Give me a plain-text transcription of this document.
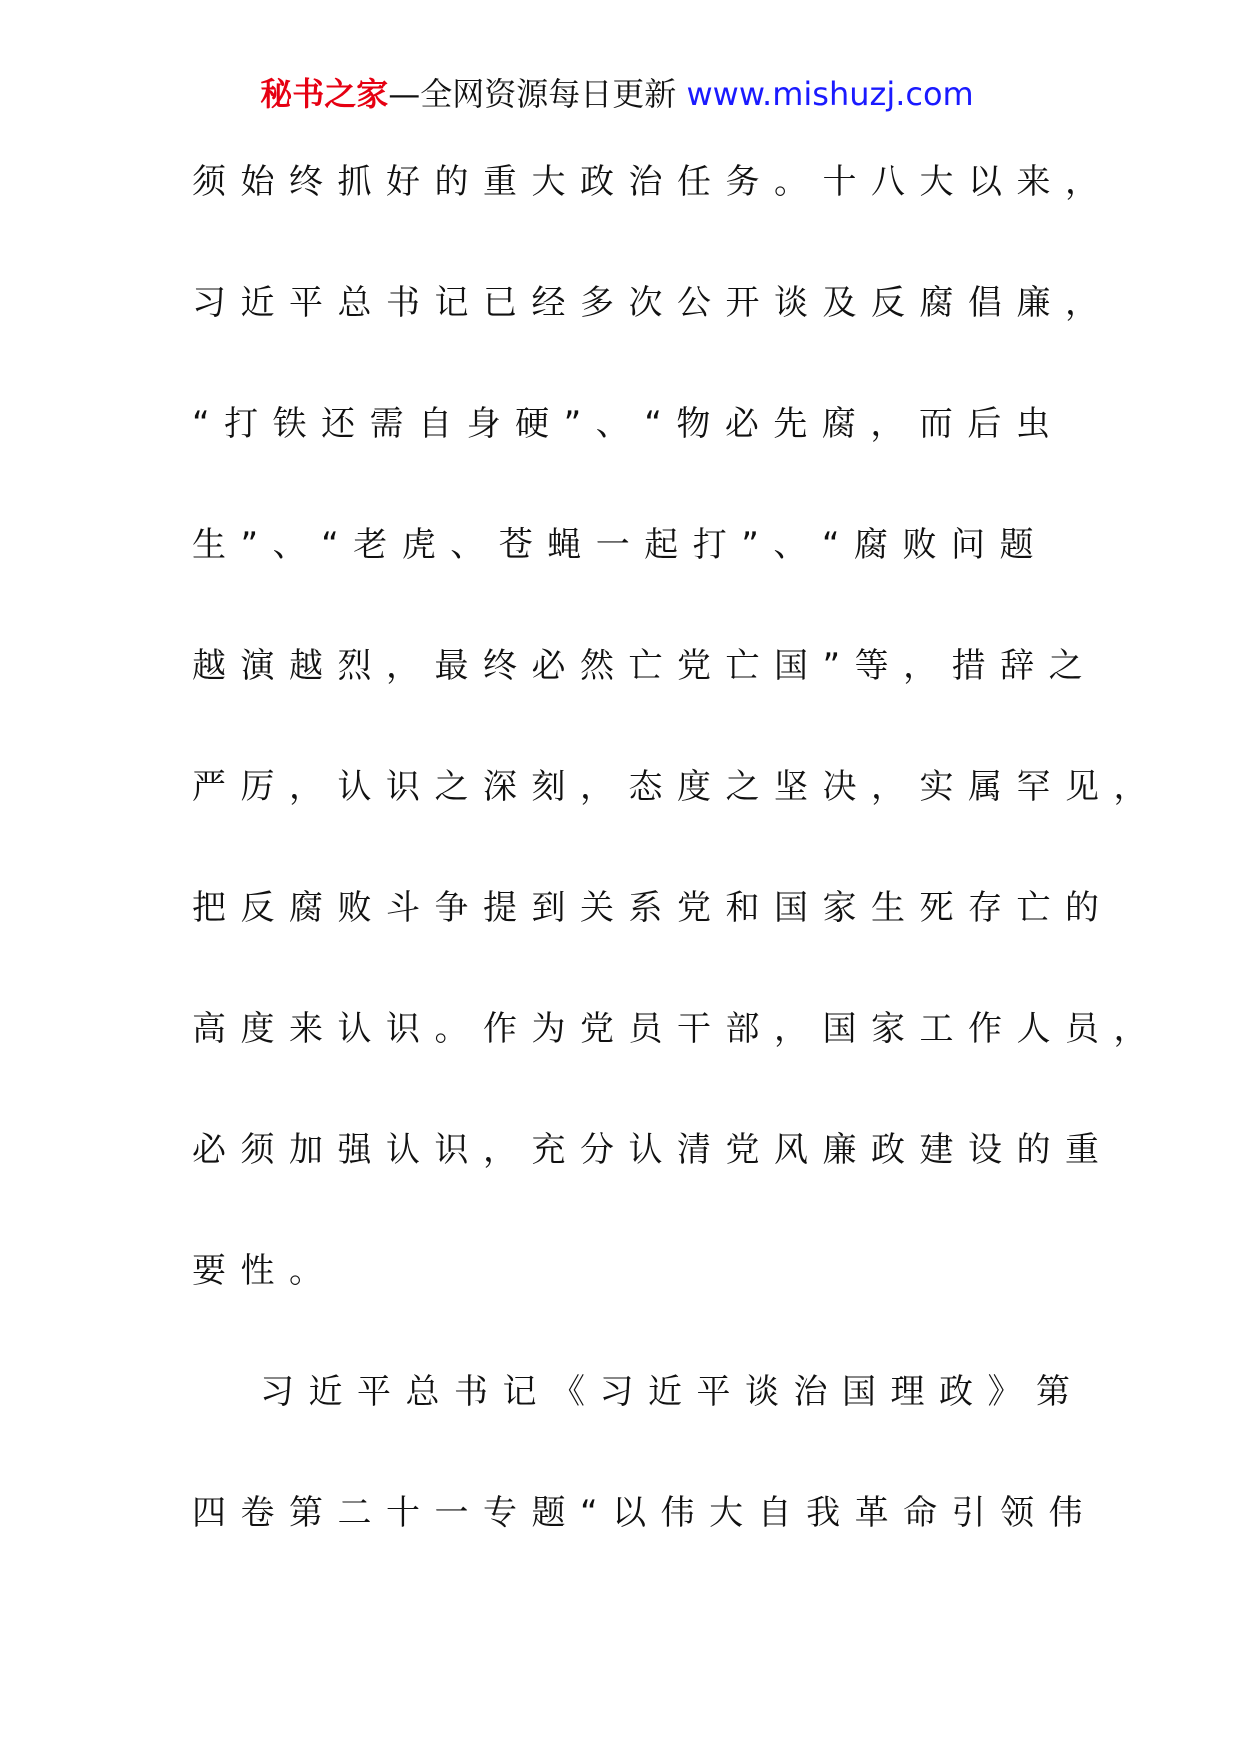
秘书之家—全网资源每日更新 www.mishuzj.com
须始终抓好的重大政治任务。十八大以来，
习近平总书记已经多次公开谈及反腐倡廉，
“打铁还需自身硬”、“物必先腐，而后虫
生”、“老虎、苍蝇一起打”、“腐败问题
越演越烈，最终必然亡党亡国”等，措辞之
严厉，认识之深刻，态度之坚决，实属罕见，
把反腐败斗争提到关系党和国家生死存亡的
高度来认识。作为党员干部，国家工作人员，
必须加强认识，充分认清党风廉政建设的重
要性。
习近平总书记《习近平谈治国理政》第
四卷第二十一专题“以伟大自我革命引领伟
